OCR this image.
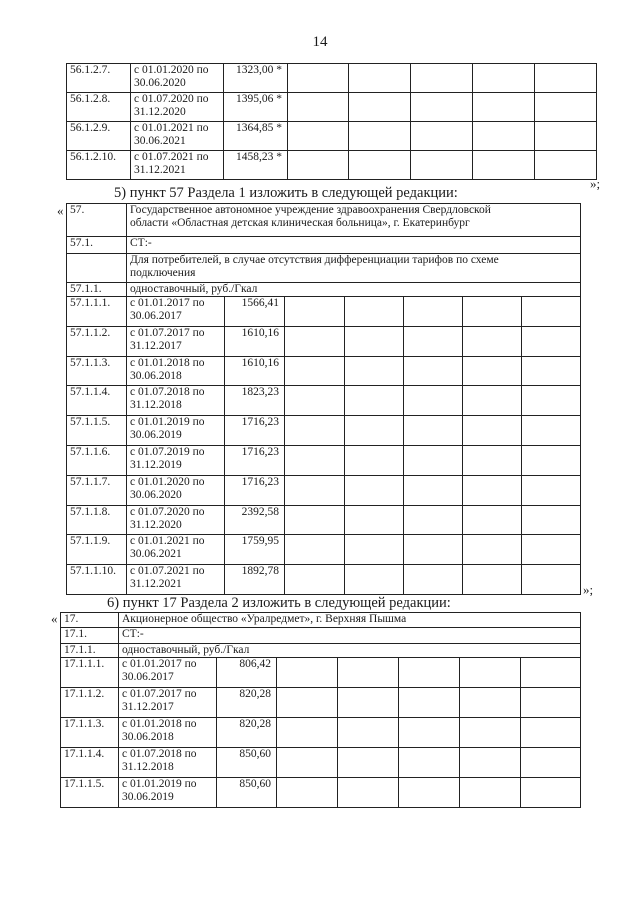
14
56.1.2.7.	с 01.01.2020 по
30.06.2020	1323,00 *					
56.1.2.8.	с 01.07.2020 по
31.12.2020	1395,06 *					
56.1.2.9.	с 01.01.2021 по
30.06.2021	1364,85 *					
56.1.2.10.	с 01.07.2021 по
31.12.2021	1458,23 *					
»;
5) пункт 57 Раздела 1 изложить в следующей редакции:
« 57.	Государственное автономное учреждение здравоохранения Свердловской
области «Областная детская клиническая больница», г. Екатеринбург						

57.1.	СТ:-						

	Для потребителей, в случае отсутствия дифференциации тарифов по схеме
подключения						

57.1.1.	одноставочный, руб./Гкал						
57.1.1.1.	с 01.01.2017 по
30.06.2017	1566,41					
57.1.1.2.	с 01.07.2017 по
31.12.2017	1610,16					
57.1.1.3.	с 01.01.2018 по
30.06.2018	1610,16					
57.1.1.4.	с 01.07.2018 по
31.12.2018	1823,23					
57.1.1.5.	с 01.01.2019 по
30.06.2019	1716,23					
57.1.1.6.	с 01.07.2019 по
31.12.2019	1716,23					
57.1.1.7.	с 01.01.2020 по
30.06.2020	1716,23					
57.1.1.8.	с 01.07.2020 по
31.12.2020	2392,58					
57.1.1.9.	с 01.01.2021 по
30.06.2021	1759,95					
57.1.1.10.	с 01.07.2021 по
31.12.2021	1892,78					
»;
6) пункт 17 Раздела 2 изложить в следующей редакции:
« 17.	Акционерное общество «Уралредмет», г. Верхняя Пышма						
17.1.	СТ:-						
17.1.1.	одноставочный, руб./Гкал						
17.1.1.1.	с 01.01.2017 по
30.06.2017	806,42					
17.1.1.2.	с 01.07.2017 по
31.12.2017	820,28					
17.1.1.3.	с 01.01.2018 по
30.06.2018	820,28					
17.1.1.4.	с 01.07.2018 по
31.12.2018	850,60					
17.1.1.5.	с 01.01.2019 по
30.06.2019	850,60					
